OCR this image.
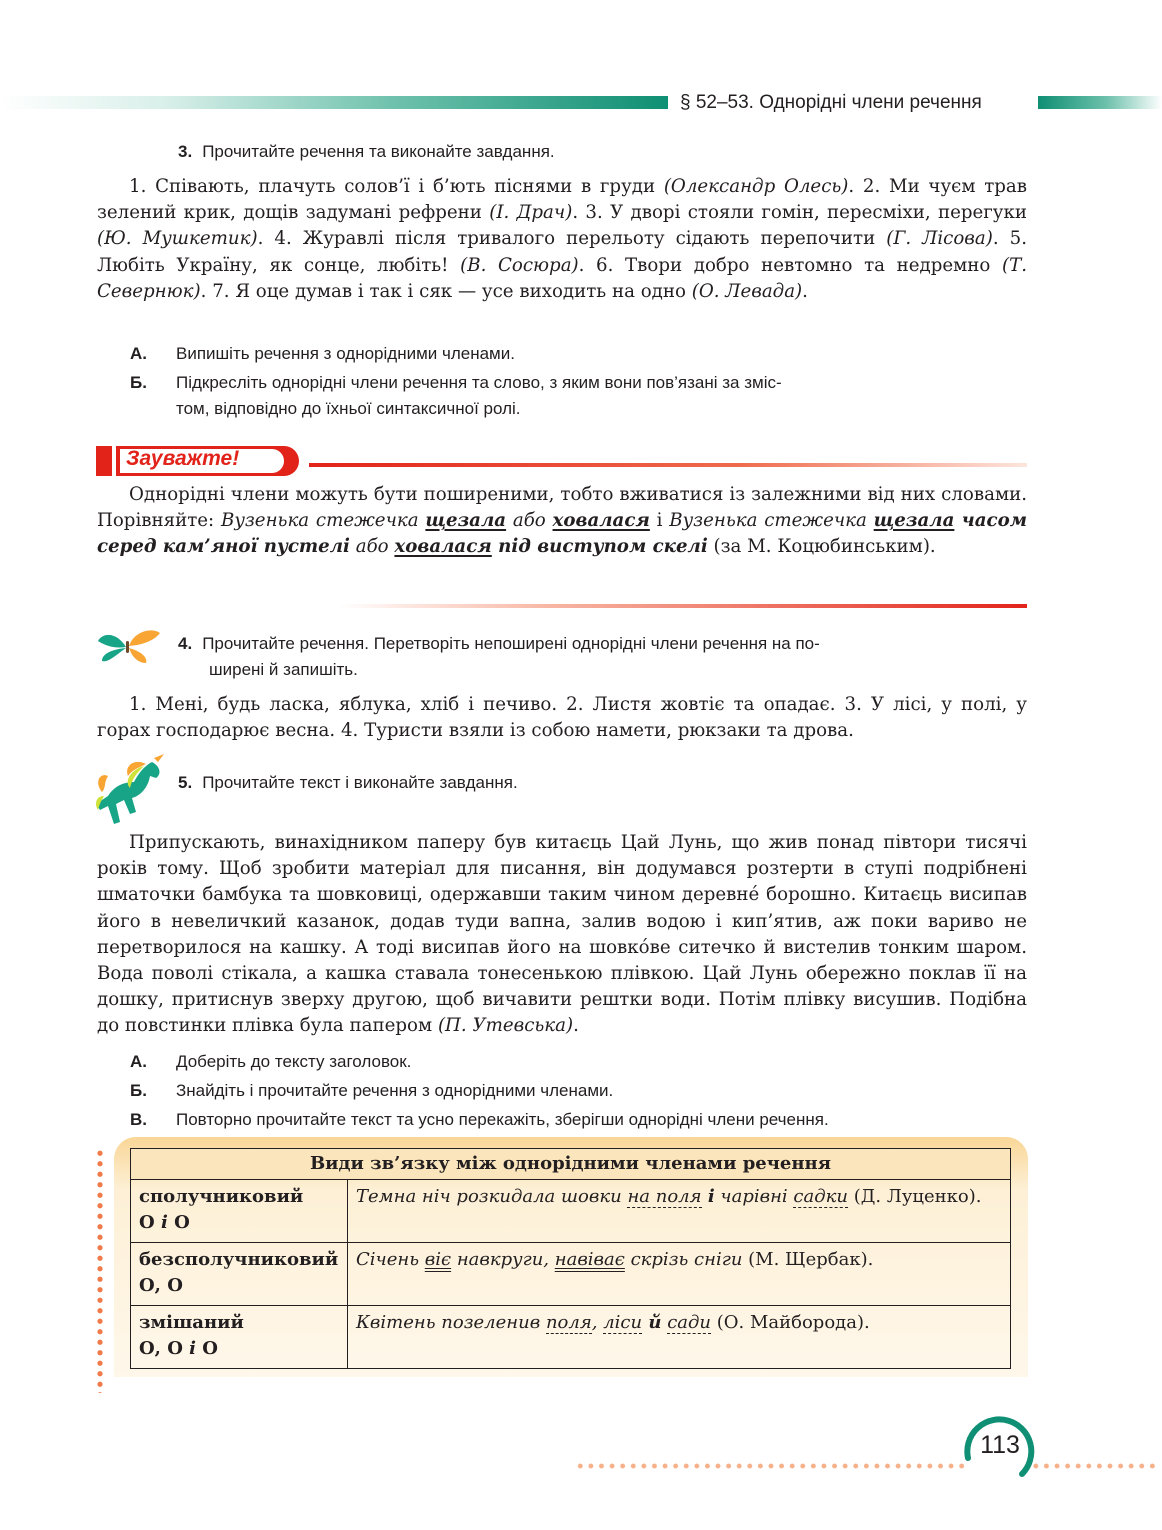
§ 52–53. Однорідні члени речення
3. Прочитайте речення та виконайте завдання.

1. Співають, плачуть солов’ї і б’ють піснями в груди (Олександр Олесь). 2. Ми чуєм трав зелений крик, дощів задумані рефрени (І. Драч). 3. У дворі стояли гомін, пересміхи, перегуки (Ю. Мушкетик). 4. Журавлі після тривалого перельоту сідають перепочити (Г. Лісова). 5. Любіть Україну, як сонце, любіть! (В. Сосюра). 6. Твори добро невтомно та недремно (Т. Севернюк). 7. Я оце думав і так і сяк — усе виходить на одно (О. Левада).

А. Випишіть речення з однорідними членами.
Б. Підкресліть однорідні члени речення та слово, з яким вони пов’язані за зміс-
том, відповідно до їхньої синтаксичної ролі.
Зауважте!

Однорідні члени можуть бути поширеними, тобто вживатися із залежними від них словами. Порівняйте: Вузенька стежечка щезала або ховалася і Вузенька стежечка щезала часом серед кам’яної пустелі або ховалася під виступом скелі (за М. Коцюбинським).

4. Прочитайте речення. Перетворіть непоширені однорідні члени речення на по-
ширені й запишіть.

1. Мені, будь ласка, яблука, хліб і печиво. 2. Листя жовтіє та опадає. 3. У лісі, у полі, у горах господарює весна. 4. Туристи взяли із собою намети, рюкзаки та дрова.

5. Прочитайте текст і виконайте завдання.

Припускають, винахідником паперу був китаєць Цай Лунь, що жив понад півтори тисячі років тому. Щоб зробити матеріал для писання, він додумався розтерти в ступі подрібнені шматочки бамбука та шовковиці, одержавши таким чином деревне́ борошно. Китаєць висипав його в невеличкий казанок, додав туди вапна, залив водою і кип’ятив, аж поки вариво не перетворилося на кашку. А тоді висипав його на шовко́ве ситечко й вистелив тонким шаром. Вода поволі стікала, а кашка ставала тонесенькою плівкою. Цай Лунь обережно поклав її на дошку, притиснув зверху другою, щоб вичавити рештки води. Потім плівку висушив. Подібна до повстинки плівка була папером (П. Утевська).

А. Доберіть до тексту заголовок.
Б. Знайдіть і прочитайте речення з однорідними членами.
В. Повторно прочитайте текст та усно перекажіть, зберігши однорідні члени речення.
Види зв’язку між однорідними членами речення	
сполучниковий
О і О	Темна ніч розкидала шовки на поля і чарівні садки (Д. Луценко).
безсполучниковий
О, О	Січень віє навкруги, навіває скрізь сніги (М. Щербак).
змішаний
О, О і О	Квітень позеленив поля, ліси й сади (О. Майборода).
113
